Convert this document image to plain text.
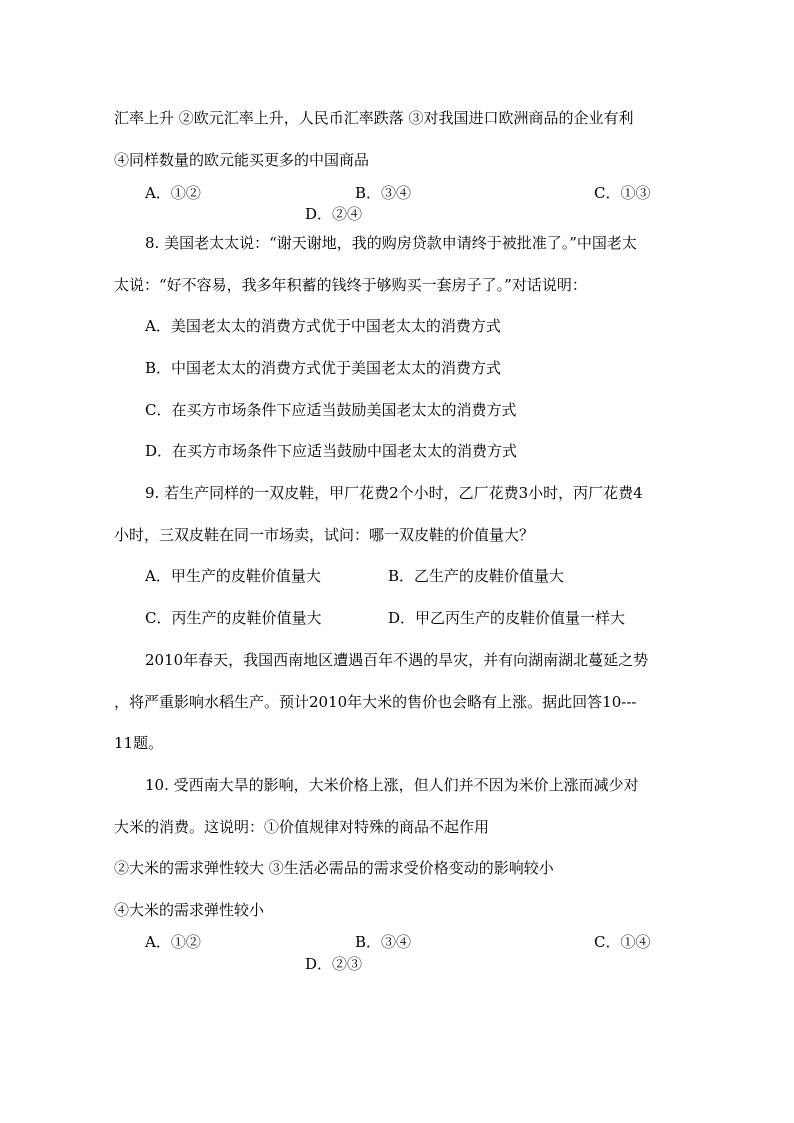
汇率上升 ②欧元汇率上升，人民币汇率跌落 ③对我国进口欧洲商品的企业有利
④同样数量的欧元能买更多的中国商品
A．①②	B．③④	C．①③
D．②④
8. 美国老太太说：“谢天谢地，我的购房贷款申请终于被批准了。”中国老太
太说：“好不容易，我多年积蓄的钱终于够购买一套房子了。”对话说明：
A．美国老太太的消费方式优于中国老太太的消费方式
B．中国老太太的消费方式优于美国老太太的消费方式
C．在买方市场条件下应适当鼓励美国老太太的消费方式
D．在买方市场条件下应适当鼓励中国老太太的消费方式
9. 若生产同样的一双皮鞋，甲厂花费2个小时，乙厂花费3小时，丙厂花费4
小时，三双皮鞋在同一市场卖，试问：哪一双皮鞋的价值量大？
A．甲生产的皮鞋价值量大	B．乙生产的皮鞋价值量大
C．丙生产的皮鞋价值量大	D．甲乙丙生产的皮鞋价值量一样大
2010年春天，我国西南地区遭遇百年不遇的旱灾，并有向湖南湖北蔓延之势
，将严重影响水稻生产。预计2010年大米的售价也会略有上涨。据此回答10---
11题。
10. 受西南大旱的影响，大米价格上涨，但人们并不因为米价上涨而减少对
大米的消费。这说明：①价值规律对特殊的商品不起作用
②大米的需求弹性较大 ③生活必需品的需求受价格变动的影响较小
④大米的需求弹性较小
A．①②	B．③④	C．①④
D．②③
